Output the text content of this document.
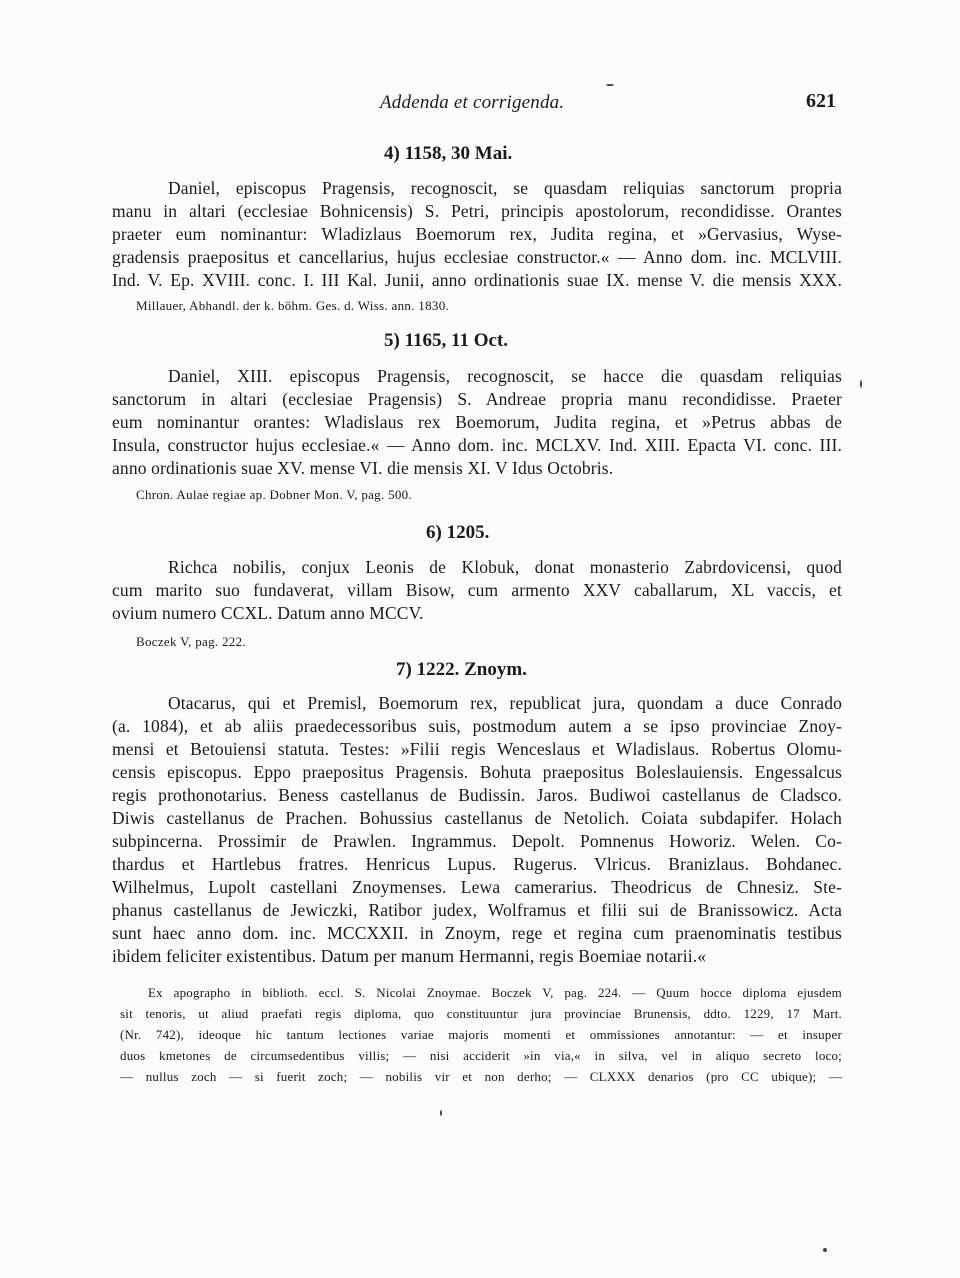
Addenda et corrigenda.	621
4) 1158, 30 Mai.
Daniel, episcopus Pragensis, recognoscit, se quasdam reliquias sanctorum propria
manu in altari (ecclesiae Bohnicensis) S. Petri, principis apostolorum, recondidisse. Orantes
praeter eum nominantur: Wladizlaus Boemorum rex, Judita regina, et »Gervasius, Wyse-
gradensis praepositus et cancellarius, hujus ecclesiae constructor.« — Anno dom. inc. MCLVIII.
Ind. V. Ep. XVIII. conc. I. III Kal. Junii, anno ordinationis suae IX. mense V. die mensis XXX.
Millauer, Abhandl. der k. böhm. Ges. d. Wiss. ann. 1830.
5) 1165, 11 Oct.
Daniel, XIII. episcopus Pragensis, recognoscit, se hacce die quasdam reliquias
sanctorum in altari (ecclesiae Pragensis) S. Andreae propria manu recondidisse. Praeter
eum nominantur orantes: Wladislaus rex Boemorum, Judita regina, et »Petrus abbas de
Insula, constructor hujus ecclesiae.« — Anno dom. inc. MCLXV. Ind. XIII. Epacta VI. conc. III.
anno ordinationis suae XV. mense VI. die mensis XI. V Idus Octobris.
Chron. Aulae regiae ap. Dobner Mon. V, pag. 500.
6) 1205.
Richca nobilis, conjux Leonis de Klobuk, donat monasterio Zabrdovicensi, quod
cum marito suo fundaverat, villam Bisow, cum armento XXV caballarum, XL vaccis, et
ovium numero CCXL. Datum anno MCCV.
Boczek V, pag. 222.
7) 1222. Znoym.
Otacarus, qui et Premisl, Boemorum rex, republicat jura, quondam a duce Conrado
(a. 1084), et ab aliis praedecessoribus suis, postmodum autem a se ipso provinciae Znoy-
mensi et Betouiensi statuta. Testes: »Filii regis Wenceslaus et Wladislaus. Robertus Olomu-
censis episcopus. Eppo praepositus Pragensis. Bohuta praepositus Boleslauiensis. Engessalcus
regis prothonotarius. Beness castellanus de Budissin. Jaros. Budiwoi castellanus de Cladsco.
Diwis castellanus de Prachen. Bohussius castellanus de Netolich. Coiata subdapifer. Holach
subpincerna. Prossimir de Prawlen. Ingrammus. Depolt. Pomnenus Howoriz. Welen. Co-
thardus et Hartlebus fratres. Henricus Lupus. Rugerus. Vlricus. Branizlaus. Bohdanec.
Wilhelmus, Lupolt castellani Znoymenses. Lewa camerarius. Theodricus de Chnesiz. Ste-
phanus castellanus de Jewiczki, Ratibor judex, Wolframus et filii sui de Branissowicz. Acta
sunt haec anno dom. inc. MCCXXII. in Znoym, rege et regina cum praenominatis testibus
ibidem feliciter existentibus. Datum per manum Hermanni, regis Boemiae notarii.«
Ex apographo in biblioth. eccl. S. Nicolai Znoymae. Boczek V, pag. 224. — Quum hocce diploma ejusdem
sit tenoris, ut aliud praefati regis diploma, quo constituuntur jura provinciae Brunensis, ddto. 1229, 17 Mart.
(Nr. 742), ideoque hic tantum lectiones variae majoris momenti et ommissiones annotantur: — et insuper
duos kmetones de circumsedentibus villis; — nisi acciderit »in via,« in silva, vel in aliquo secreto loco;
— nullus zoch — si fuerit zoch; — nobilis vir et non derho; — CLXXX denarios (pro CC ubique); —
